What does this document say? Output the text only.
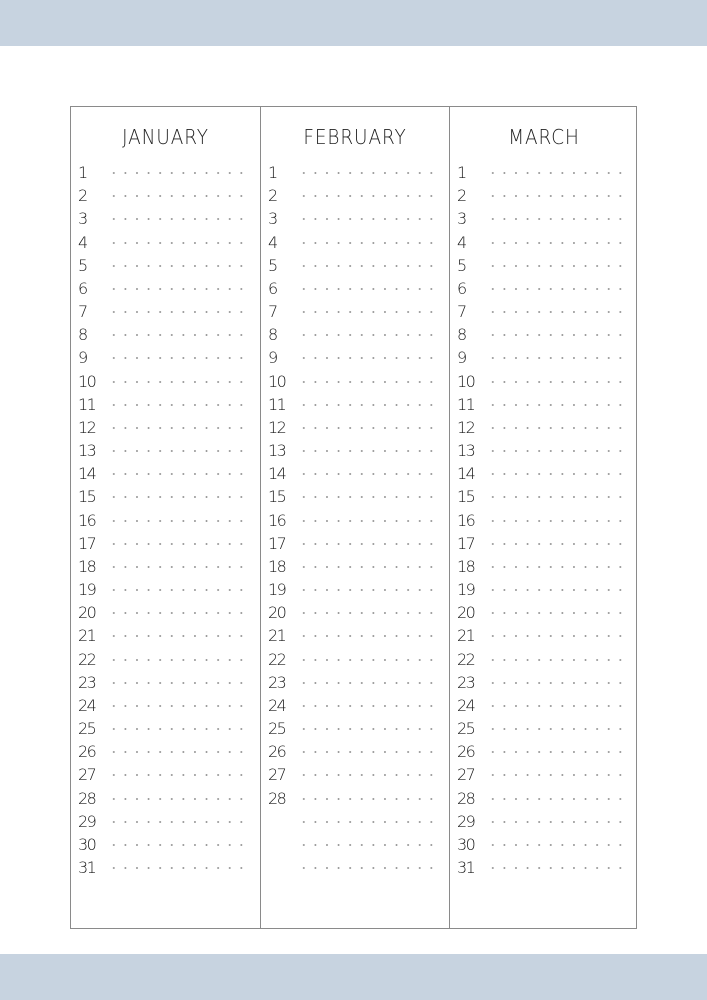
JANUARY
1
2
3
4
5
6
7
8
9
10
11
12
13
14
15
16
17
18
19
20
21
22
23
24
25
26
27
28
29
30
31
FEBRUARY
1
2
3
4
5
6
7
8
9
10
11
12
13
14
15
16
17
18
19
20
21
22
23
24
25
26
27
28
MARCH
1
2
3
4
5
6
7
8
9
10
11
12
13
14
15
16
17
18
19
20
21
22
23
24
25
26
27
28
29
30
31
